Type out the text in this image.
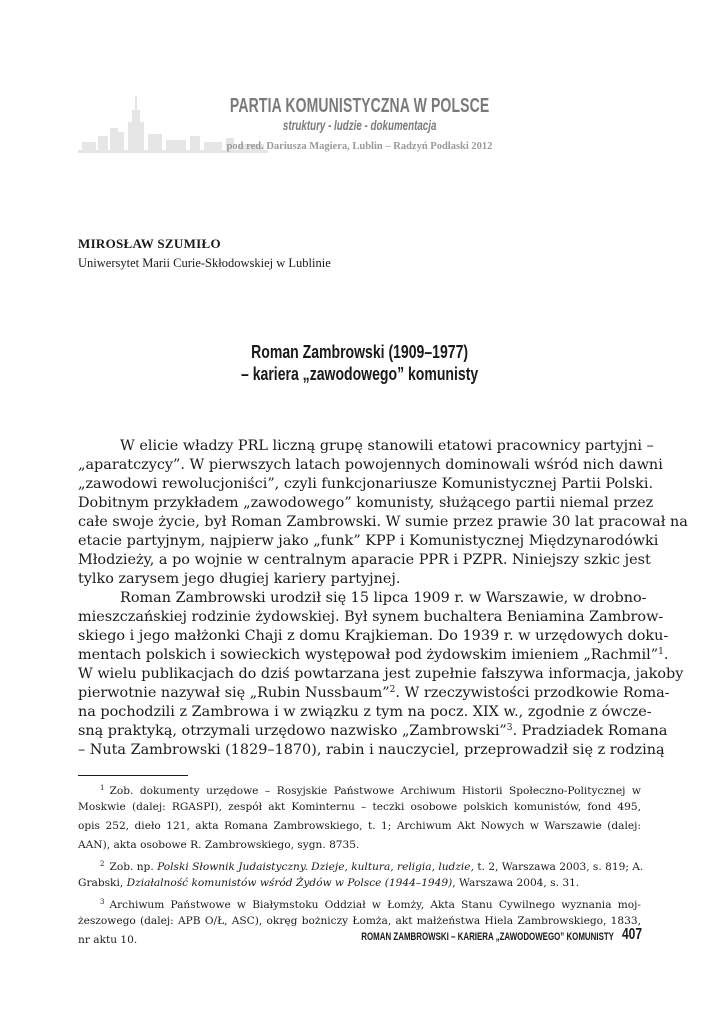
PARTIA KOMUNISTYCZNA W POLSCE
struktury - ludzie - dokumentacja
pod red. Dariusza Magiera, Lublin – Radzyń Podlaski 2012
MIROSŁAW SZUMIŁO
Uniwersytet Marii Curie-Skłodowskiej w Lublinie
Roman Zambrowski (1909–1977)
– kariera „zawodowego” komunisty
W elicie władzy PRL liczną grupę stanowili etatowi pracownicy partyjni –
„aparatczycy”. W pierwszych latach powojennych dominowali wśród nich dawni
„zawodowi rewolucjoniści”, czyli funkcjonariusze Komunistycznej Partii Polski.
Dobitnym przykładem „zawodowego” komunisty, służącego partii niemal przez
całe swoje życie, był Roman Zambrowski. W sumie przez prawie 30 lat pracował na
etacie partyjnym, najpierw jako „funk” KPP i Komunistycznej Międzynarodówki
Młodzieży, a po wojnie w centralnym aparacie PPR i PZPR. Niniejszy szkic jest
tylko zarysem jego długiej kariery partyjnej.
Roman Zambrowski urodził się 15 lipca 1909 r. w Warszawie, w drobno-
mieszczańskiej rodzinie żydowskiej. Był synem buchaltera Beniamina Zambrow-
skiego i jego małżonki Chaji z domu Krajkieman. Do 1939 r. w urzędowych doku-
mentach polskich i sowieckich występował pod żydowskim imieniem „Rachmil”$^1$.
W wielu publikacjach do dziś powtarzana jest zupełnie fałszywa informacja, jakoby
pierwotnie nazywał się „Rubin Nussbaum”$^2$. W rzeczywistości przodkowie Roma-
na pochodzili z Zambrowa i w związku z tym na pocz. XIX w., zgodnie z ówcze-
sną praktyką, otrzymali urzędowo nazwisko „Zambrowski”$^3$. Pradziadek Romana
– Nuta Zambrowski (1829–1870), rabin i nauczyciel, przeprowadził się z rodziną
$^1$ Zob. dokumenty urzędowe – Rosyjskie Państwowe Archiwum Historii Społeczno-Politycznej w
Moskwie (dalej: RGASPI), zespół akt Kominternu – teczki osobowe polskich komunistów, fond 495,
opis 252, dieło 121, akta Romana Zambrowskiego, t. 1; Archiwum Akt Nowych w Warszawie (dalej:
AAN), akta osobowe R. Zambrowskiego, sygn. 8735.
$^2$ Zob. np. Polski Słownik Judaistyczny. Dzieje, kultura, religia, ludzie, t. 2, Warszawa 2003, s. 819; A.
Grabski, Działalność komunistów wśród Żydów w Polsce (1944–1949), Warszawa 2004, s. 31.
$^3$ Archiwum Państwowe w Białymstoku Oddział w Łomży, Akta Stanu Cywilnego wyznania moj-
żeszowego (dalej: APB O/Ł, ASC), okręg bożniczy Łomża, akt małżeństwa Hiela Zambrowskiego, 1833,
nr aktu 10.	ROMAN ZAMBROWSKI – KARIERA „ZAWODOWEGO” KOMUNISTY 407
